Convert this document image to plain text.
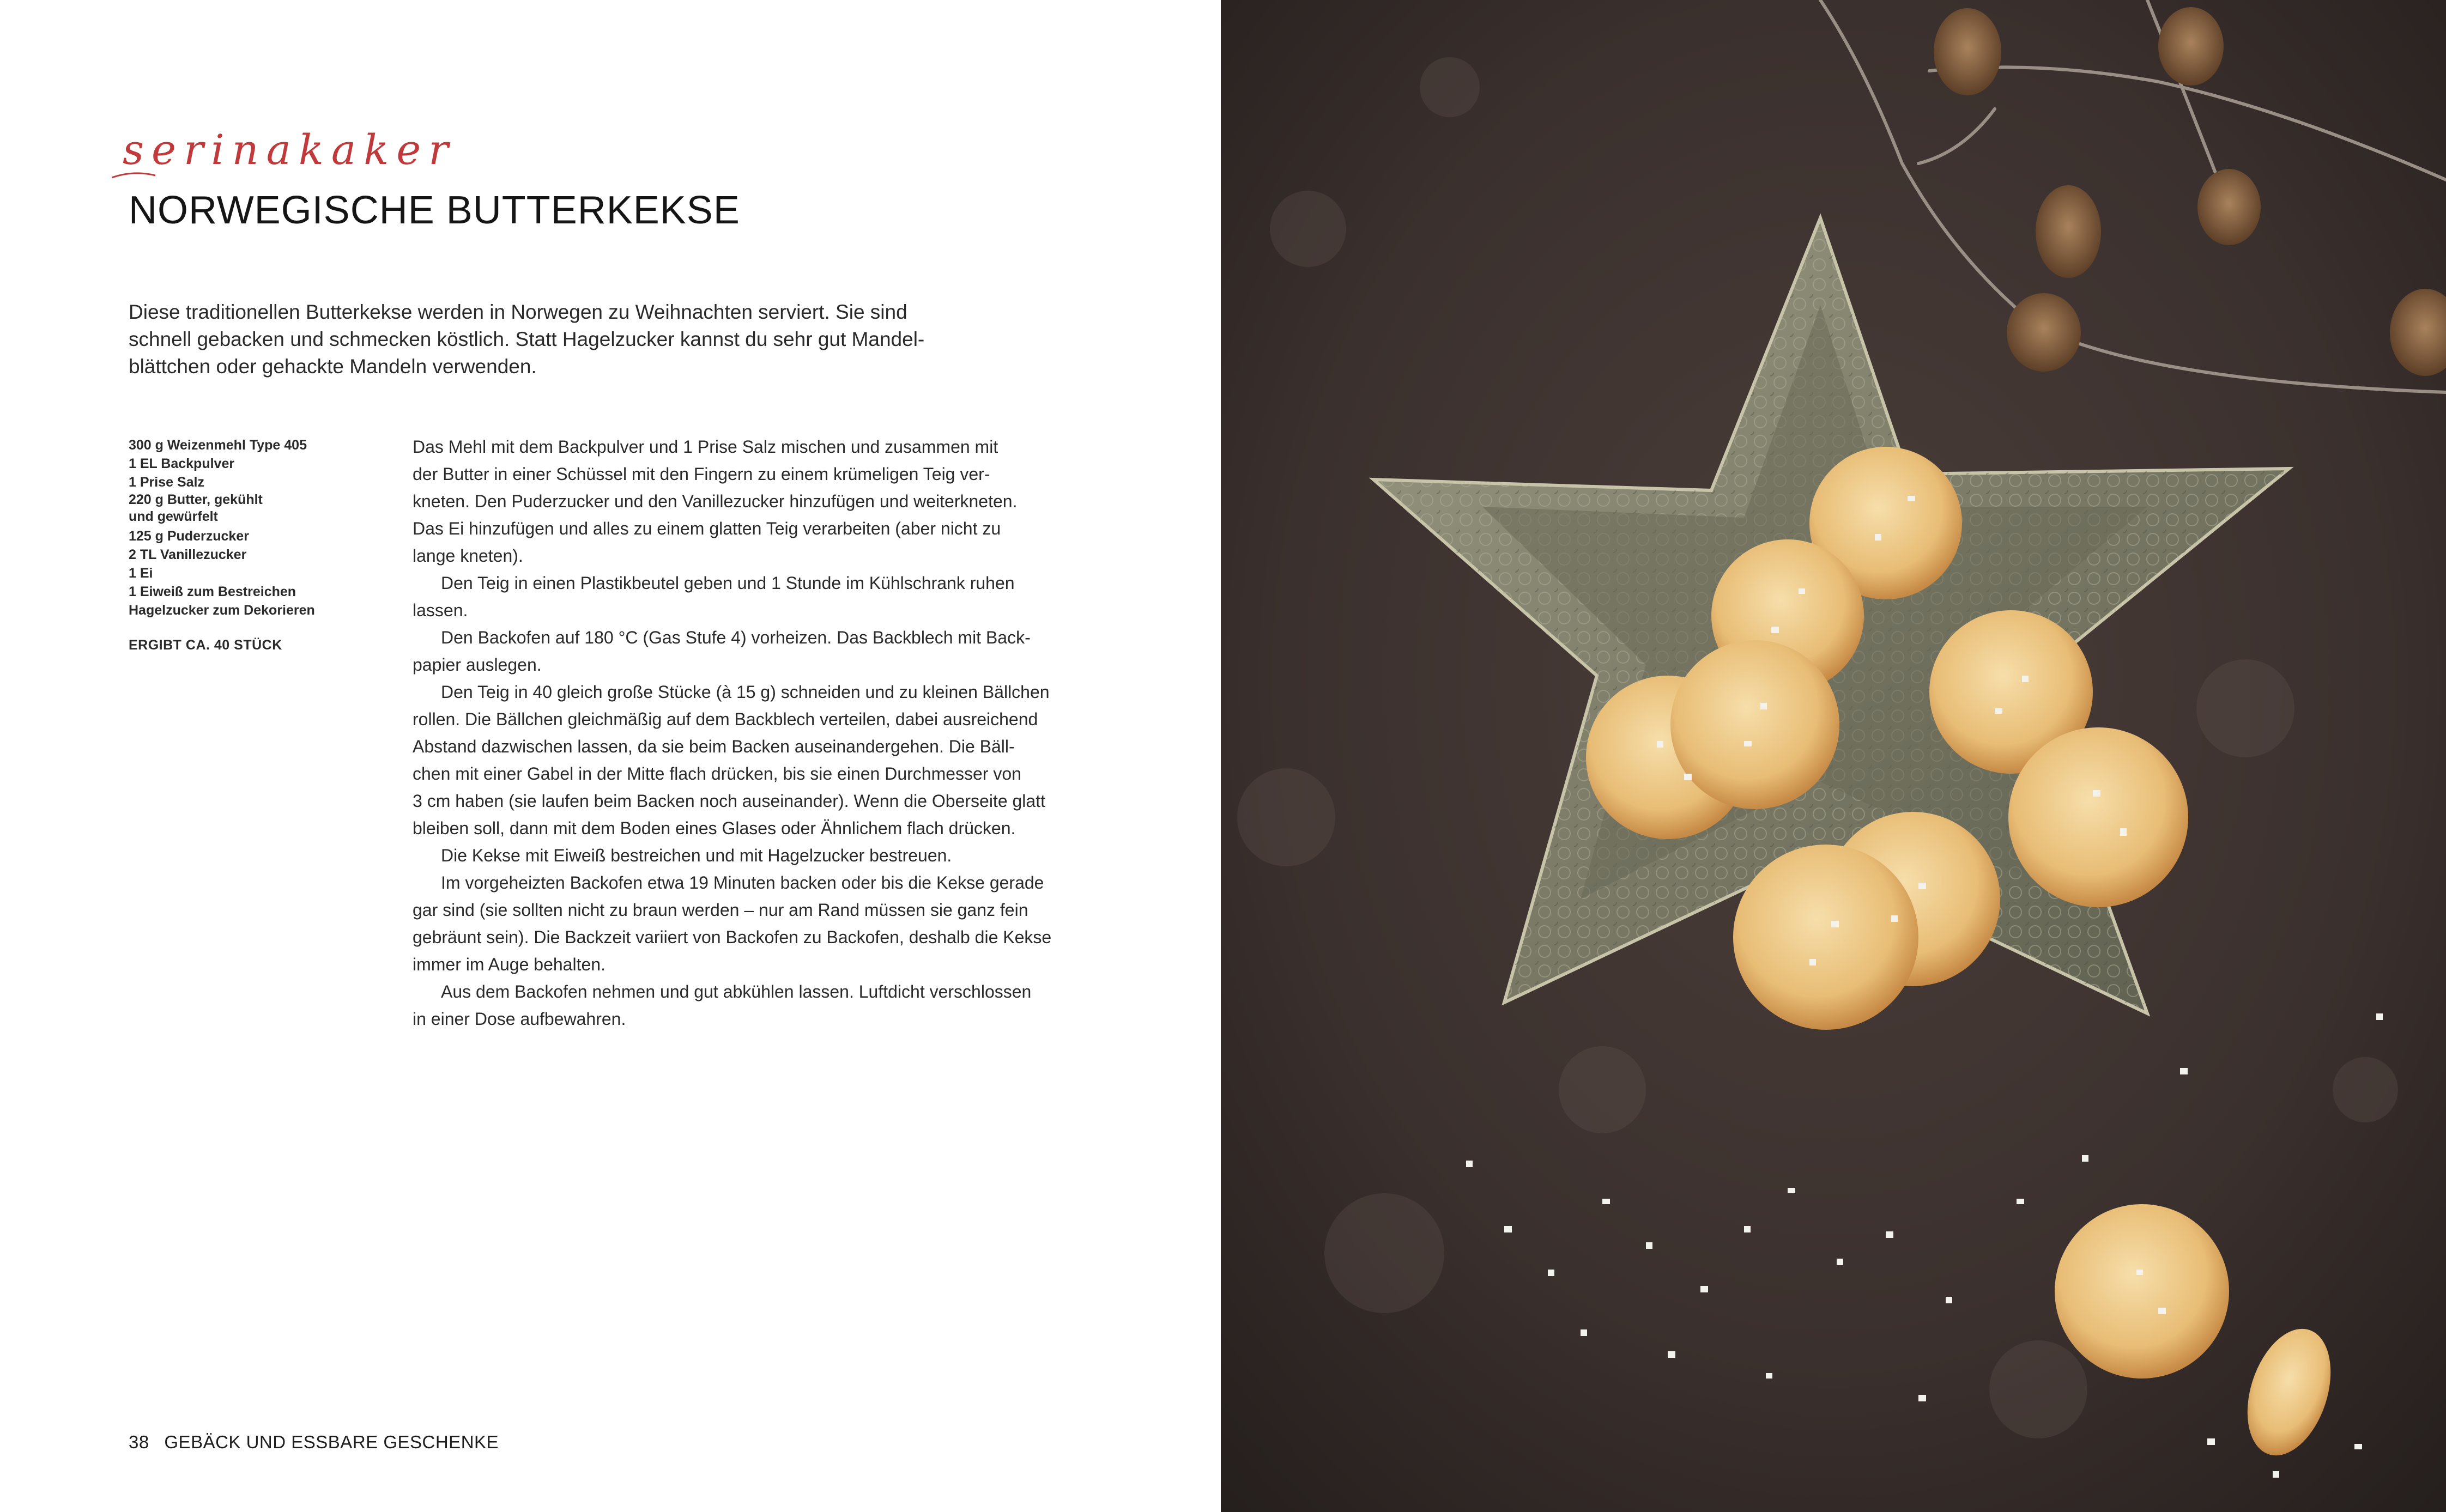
serinakaker
NORWEGISCHE BUTTERKEKSE
Diese traditionellen Butterkekse werden in Norwegen zu Weihnachten serviert. Sie sind
schnell gebacken und schmecken köstlich. Statt Hagelzucker kannst du sehr gut Mandel-
blättchen oder gehackte Mandeln verwenden.
300 g Weizenmehl Type 405
1 EL Backpulver
1 Prise Salz
220 g Butter, gekühlt
und gewürfelt
125 g Puderzucker
2 TL Vanillezucker
1 Ei
1 Eiweiß zum Bestreichen
Hagelzucker zum Dekorieren
ERGIBT CA. 40 STÜCK
Das Mehl mit dem Backpulver und 1 Prise Salz mischen und zusammen mit
der Butter in einer Schüssel mit den Fingern zu einem krümeligen Teig ver-
kneten. Den Puderzucker und den Vanillezucker hinzufügen und weiterkneten.
Das Ei hinzufügen und alles zu einem glatten Teig verarbeiten (aber nicht zu
lange kneten).
Den Teig in einen Plastikbeutel geben und 1 Stunde im Kühlschrank ruhen
lassen.
Den Backofen auf 180 °C (Gas Stufe 4) vorheizen. Das Backblech mit Back-
papier auslegen.
Den Teig in 40 gleich große Stücke (à 15 g) schneiden und zu kleinen Bällchen
rollen. Die Bällchen gleichmäßig auf dem Backblech verteilen, dabei ausreichend
Abstand dazwischen lassen, da sie beim Backen auseinandergehen. Die Bäll-
chen mit einer Gabel in der Mitte flach drücken, bis sie einen Durchmesser von
3 cm haben (sie laufen beim Backen noch auseinander). Wenn die Oberseite glatt
bleiben soll, dann mit dem Boden eines Glases oder Ähnlichem flach drücken.
Die Kekse mit Eiweiß bestreichen und mit Hagelzucker bestreuen.
Im vorgeheizten Backofen etwa 19 Minuten backen oder bis die Kekse gerade
gar sind (sie sollten nicht zu braun werden – nur am Rand müssen sie ganz fein
gebräunt sein). Die Backzeit variiert von Backofen zu Backofen, deshalb die Kekse
immer im Auge behalten.
Aus dem Backofen nehmen und gut abkühlen lassen. Luftdicht verschlossen
in einer Dose aufbewahren.
38 GEBÄCK UND ESSBARE GESCHENKE
